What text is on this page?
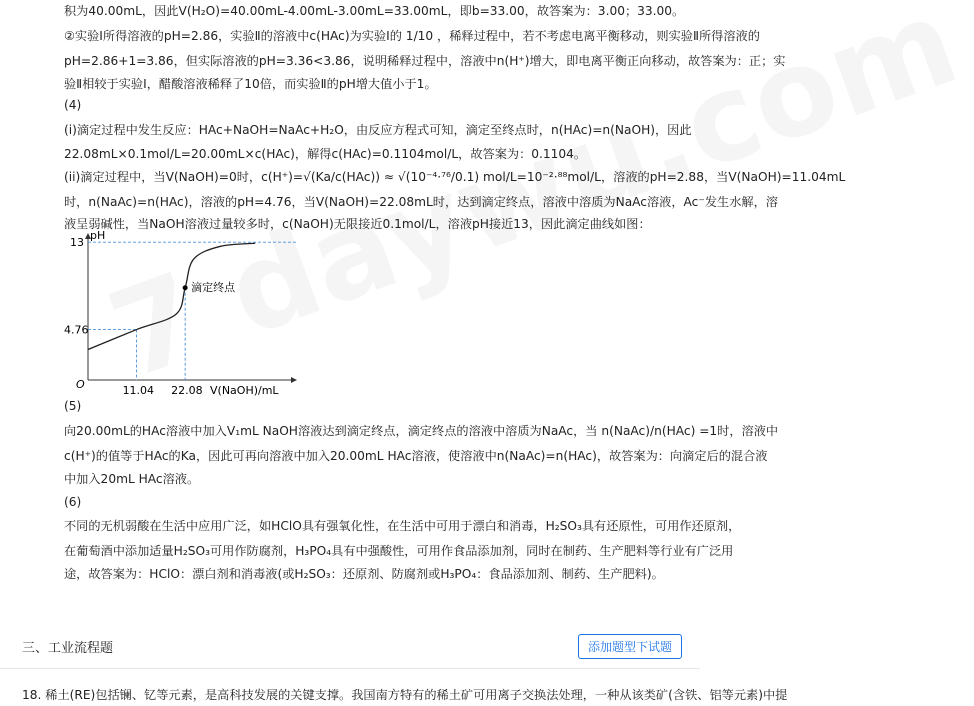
积为40.00mL，因此V(H₂O)=40.00mL-4.00mL-3.00mL=33.00mL，即b=33.00，故答案为：3.00；33.00。
②实验Ⅰ所得溶液的pH=2.86，实验Ⅱ的溶液中c(HAc)为实验Ⅰ的 1/10 ，稀释过程中，若不考虑电离平衡移动，则实验Ⅱ所得溶液的
pH=2.86+1=3.86，但实际溶液的pH=3.36<3.86，说明稀释过程中，溶液中n(H⁺)增大，即电离平衡正向移动，故答案为：正；实
验Ⅱ相较于实验Ⅰ，醋酸溶液稀释了10倍，而实验Ⅱ的pH增大值小于1。
(4)
(i)滴定过程中发生反应：HAc+NaOH=NaAc+H₂O，由反应方程式可知，滴定至终点时，n(HAc)=n(NaOH)，因此
22.08mL×0.1mol/L=20.00mL×c(HAc)，解得c(HAc)=0.1104mol/L，故答案为：0.1104。
(ii)滴定过程中，当V(NaOH)=0时，c(H⁺)=√(Ka/c(HAc)) ≈ √(10⁻⁴·⁷⁶/0.1) mol/L=10⁻²·⁸⁸mol/L，溶液的pH=2.88，当V(NaOH)=11.04mL
时，n(NaAc)=n(HAc)，溶液的pH=4.76，当V(NaOH)=22.08mL时，达到滴定终点，溶液中溶质为NaAc溶液，Ac⁻发生水解，溶
液呈弱碱性，当NaOH溶液过量较多时，c(NaOH)无限接近0.1mol/L，溶液pH接近13，因此滴定曲线如图：
pH
V(NaOH)/mL
O
4.76
13
11.04 22.08
滴定终点
(5)
向20.00mL的HAc溶液中加入V₁mL NaOH溶液达到滴定终点，滴定终点的溶液中溶质为NaAc，当 n(NaAc)/n(HAc) =1时，溶液中
c(H⁺)的值等于HAc的Ka，因此可再向溶液中加入20.00mL HAc溶液，使溶液中n(NaAc)=n(HAc)，故答案为：向滴定后的混合液
中加入20mL HAc溶液。
(6)
不同的无机弱酸在生活中应用广泛，如HClO具有强氧化性，在生活中可用于漂白和消毒，H₂SO₃具有还原性，可用作还原剂，
在葡萄酒中添加适量H₂SO₃可用作防腐剂，H₃PO₄具有中强酸性，可用作食品添加剂，同时在制药、生产肥料等行业有广泛用
途，故答案为：HClO：漂白剂和消毒液(或H₂SO₃：还原剂、防腐剂或H₃PO₄：食品添加剂、制药、生产肥料)。
三、工业流程题	添加题型下试题
18. 稀土(RE)包括镧、钇等元素，是高科技发展的关键支撑。我国南方特有的稀土矿可用离子交换法处理，一种从该类矿(含铁、铝等元素)中提
